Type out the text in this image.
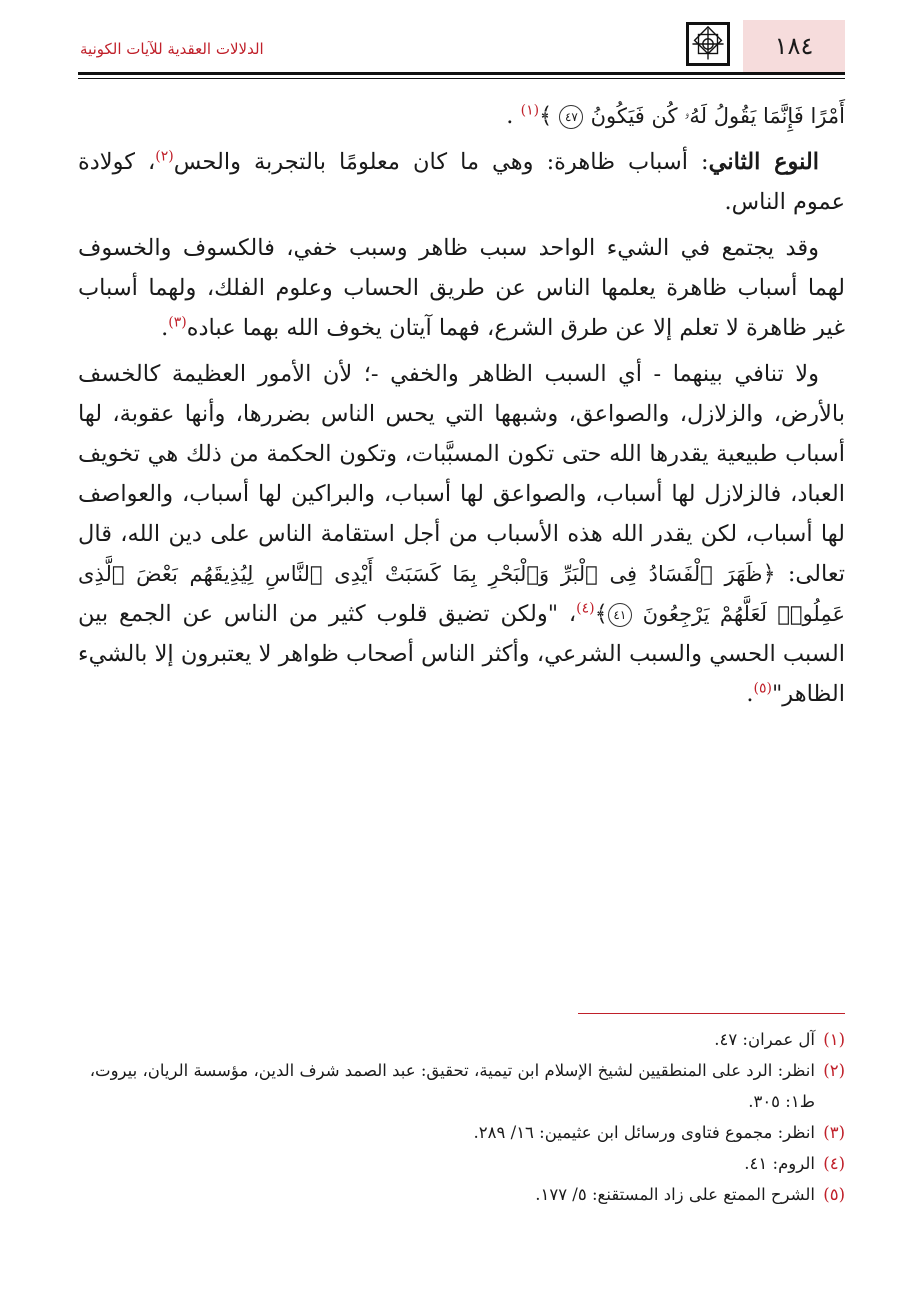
١٨٤
الدلالات العقدية للآيات الكونية

أَمْرًا فَإِنَّمَا يَقُولُ لَهُۥ كُن فَيَكُونُ ٤٧ ﴾$^{(١)}$ .

النوع الثاني: أسباب ظاهرة: وهي ما كان معلومًا بالتجربة والحس$^{(٢)}$، كولادة عموم الناس.

وقد يجتمع في الشيء الواحد سبب ظاهر وسبب خفي، فالكسوف والخسوف لهما أسباب ظاهرة يعلمها الناس عن طريق الحساب وعلوم الفلك، ولهما أسباب غير ظاهرة لا تعلم إلا عن طرق الشرع، فهما آيتان يخوف الله بهما عباده$^{(٣)}$.

ولا تنافي بينهما - أي السبب الظاهر والخفي -؛ لأن الأمور العظيمة كالخسف بالأرض، والزلازل، والصواعق، وشبهها التي يحس الناس بضررها، وأنها عقوبة، لها أسباب طبيعية يقدرها الله حتى تكون المسبَّبات، وتكون الحكمة من ذلك هي تخويف العباد، فالزلازل لها أسباب، والصواعق لها أسباب، والبراكين لها أسباب، والعواصف لها أسباب، لكن يقدر الله هذه الأسباب من أجل استقامة الناس على دين الله، قال تعالى: ﴿ظَهَرَ ٱلْفَسَادُ فِى ٱلْبَرِّ وَٱلْبَحْرِ بِمَا كَسَبَتْ أَيْدِى ٱلنَّاسِ لِيُذِيقَهُم بَعْضَ ٱلَّذِى عَمِلُوا۟ لَعَلَّهُمْ يَرْجِعُونَ ٤١﴾$^{(٤)}$، "ولكن تضيق قلوب كثير من الناس عن الجمع بين السبب الحسي والسبب الشرعي، وأكثر الناس أصحاب ظواهر لا يعتبرون إلا بالشيء الظاهر"$^{(٥)}$.

(١)آل عمران: ٤٧.

(٢)انظر: الرد على المنطقيين لشيخ الإسلام ابن تيمية، تحقيق: عبد الصمد شرف الدين، مؤسسة الريان، بيروت، ط١: ٣٠٥.

(٣)انظر: مجموع فتاوى ورسائل ابن عثيمين: ١٦/ ٢٨٩.

(٤)الروم: ٤١.

(٥)الشرح الممتع على زاد المستقنع: ٥/ ١٧٧.
